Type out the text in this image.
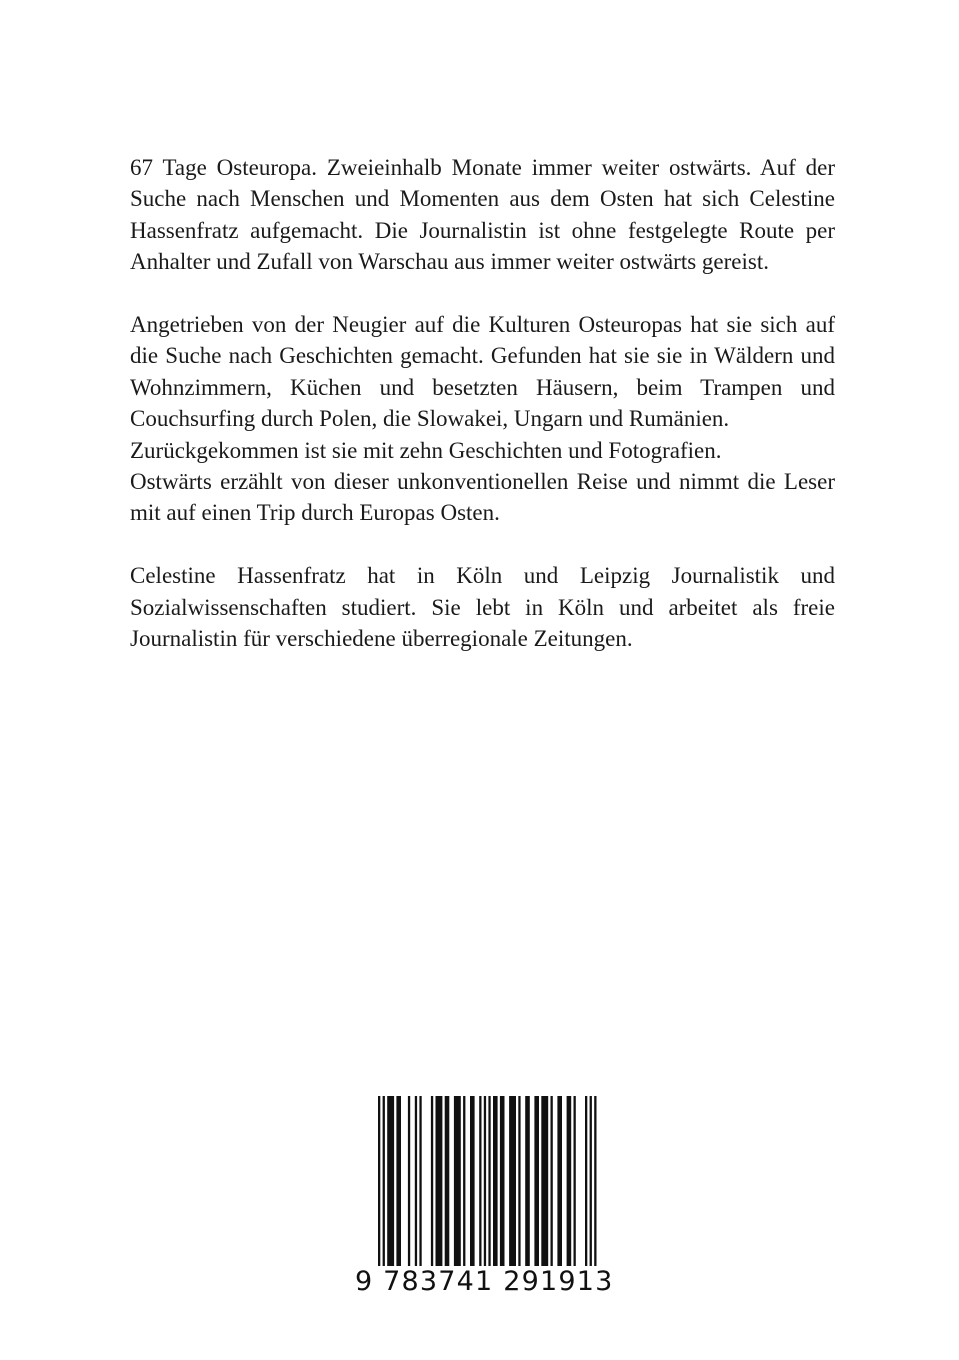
67 Tage Osteuropa. Zweieinhalb Monate immer weiter ostwärts. Auf der Suche nach Menschen und Momenten aus dem Osten hat sich Celestine Hassenfratz aufgemacht. Die Journalistin ist ohne festgelegte Route per Anhalter und Zufall von Warschau aus immer weiter ostwärts gereist.

Angetrieben von der Neugier auf die Kulturen Osteuropas hat sie sich auf die Suche nach Geschichten gemacht. Gefunden hat sie sie in Wäldern und Wohnzimmern, Küchen und besetzten Häusern, beim Trampen und Couchsurfing durch Polen, die Slowakei, Ungarn und Rumänien.

Zurückgekommen ist sie mit zehn Geschichten und Fotografien.

Ostwärts erzählt von dieser unkonventionellen Reise und nimmt die Leser mit auf einen Trip durch Europas Osten.

Celestine Hassenfratz hat in Köln und Leipzig Journalistik und Sozialwissenschaften studiert. Sie lebt in Köln und arbeitet als freie Journalistin für verschiedene überregionale Zeitungen.

9 783741 291913
